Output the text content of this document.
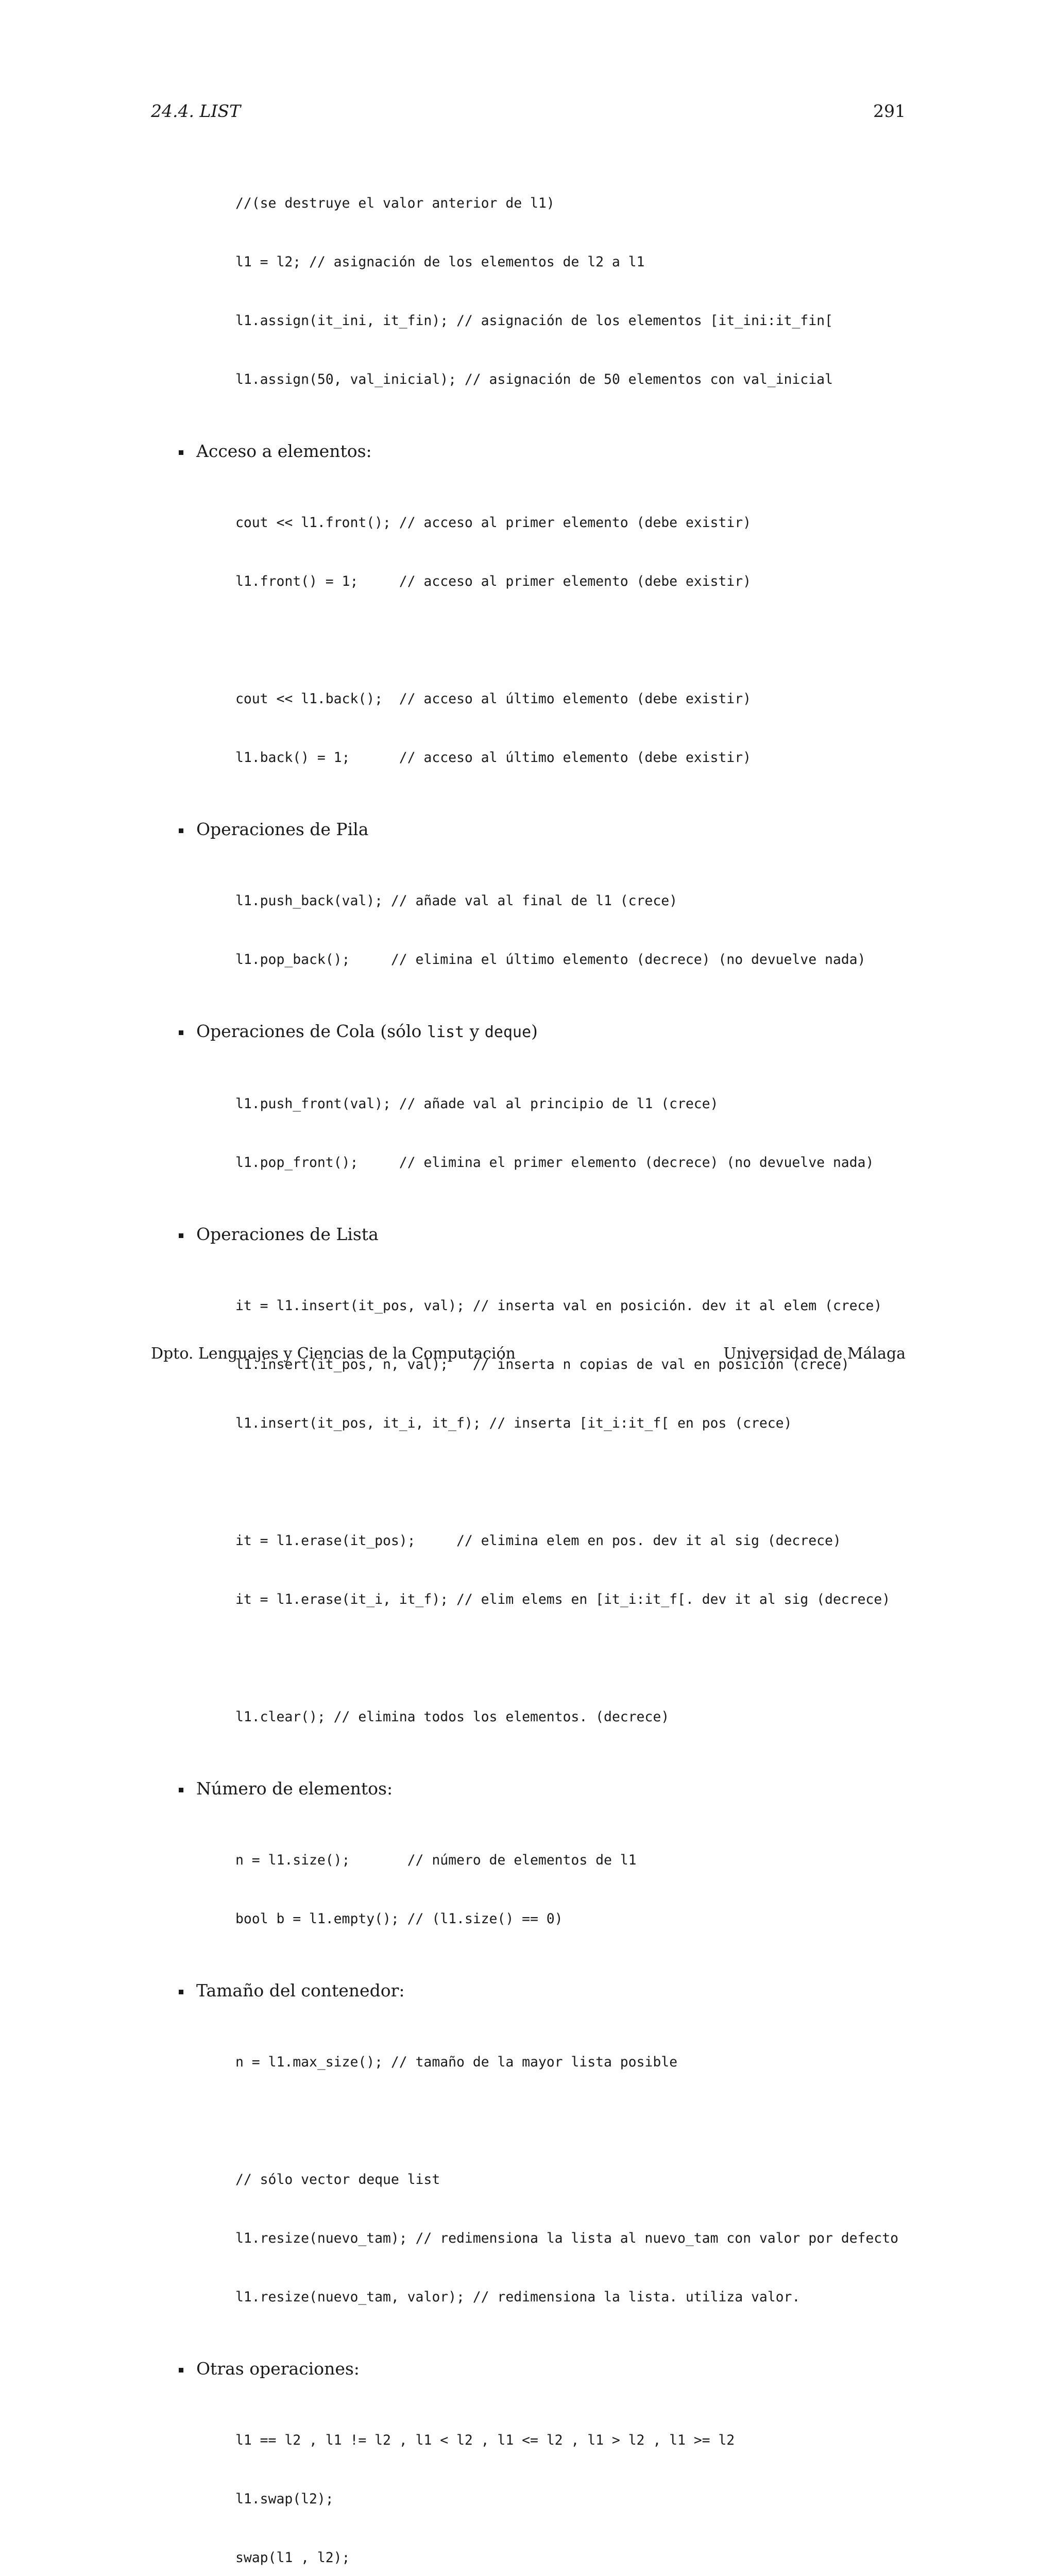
24.4. LIST	291

//(se destruye el valor anterior de l1)

l1 = l2; // asignación de los elementos de l2 a l1

l1.assign(it_ini, it_fin); // asignación de los elementos [it_ini:it_fin[

l1.assign(50, val_inicial); // asignación de 50 elementos con val_inicial

Acceso a elementos:

cout << l1.front(); // acceso al primer elemento (debe existir)

l1.front() = 1;     // acceso al primer elemento (debe existir)

cout << l1.back();  // acceso al último elemento (debe existir)

l1.back() = 1;      // acceso al último elemento (debe existir)

Operaciones de Pila

l1.push_back(val); // añade val al final de l1 (crece)

l1.pop_back();     // elimina el último elemento (decrece) (no devuelve nada)

Operaciones de Cola (sólo list y deque)

l1.push_front(val); // añade val al principio de l1 (crece)

l1.pop_front();     // elimina el primer elemento (decrece) (no devuelve nada)

Operaciones de Lista

it = l1.insert(it_pos, val); // inserta val en posición. dev it al elem (crece)

l1.insert(it_pos, n, val);   // inserta n copias de val en posición (crece)

l1.insert(it_pos, it_i, it_f); // inserta [it_i:it_f[ en pos (crece)

it = l1.erase(it_pos);     // elimina elem en pos. dev it al sig (decrece)

it = l1.erase(it_i, it_f); // elim elems en [it_i:it_f[. dev it al sig (decrece)

l1.clear(); // elimina todos los elementos. (decrece)

Número de elementos:

n = l1.size();       // número de elementos de l1

bool b = l1.empty(); // (l1.size() == 0)

Tamaño del contenedor:

n = l1.max_size(); // tamaño de la mayor lista posible

// sólo vector deque list

l1.resize(nuevo_tam); // redimensiona la lista al nuevo_tam con valor por defecto

l1.resize(nuevo_tam, valor); // redimensiona la lista. utiliza valor.

Otras operaciones:

l1 == l2 , l1 != l2 , l1 < l2 , l1 <= l2 , l1 > l2 , l1 >= l2

l1.swap(l2);

swap(l1 , l2);

Dpto. Lenguajes y Ciencias de la Computación	Universidad de Málaga
